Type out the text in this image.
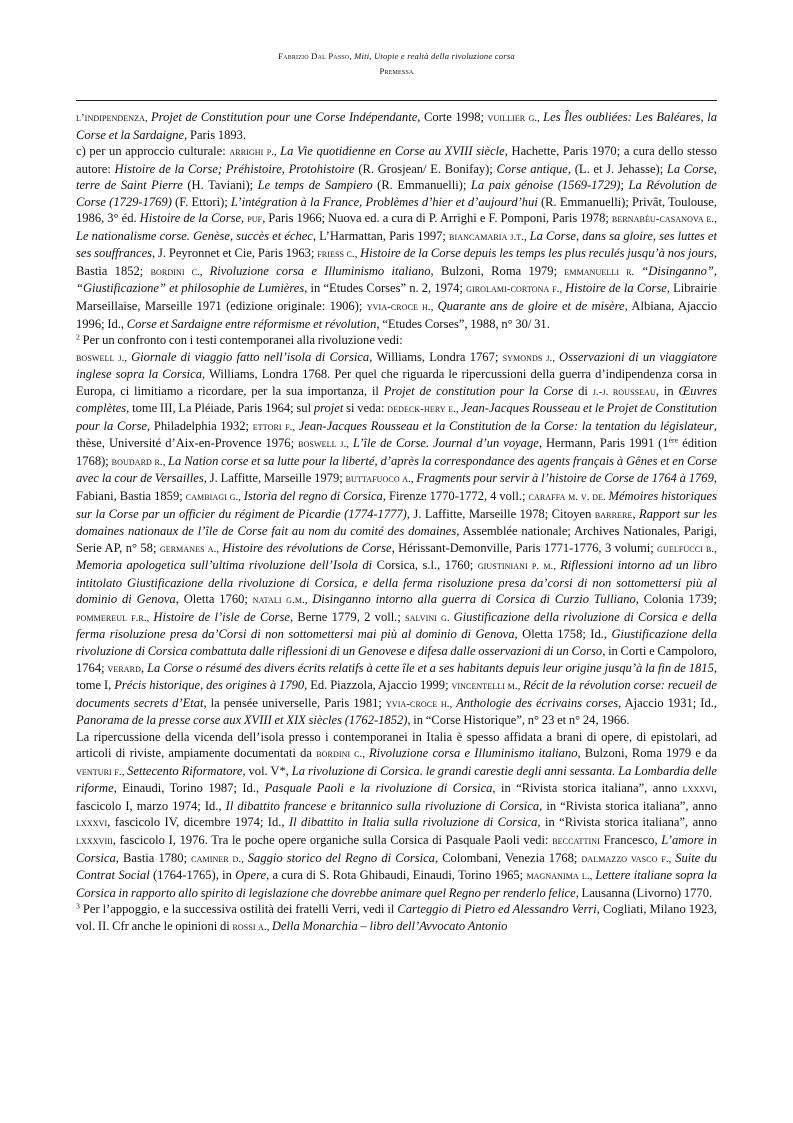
Fabrizio Dal Passo, Miti, Utopie e realtà della rivoluzione corsa
Premessa

l’indipendenza, Projet de Constitution pour une Corse Indépendante, Corte 1998; vuillier g., Les Îles oubliées: Les Baléares, la Corse et la Sardaigne, Paris 1893.
c) per un approccio culturale: arrighi p., La Vie quotidienne en Corse au XVIII siècle, Hachette, Paris 1970; a cura dello stesso autore: Histoire de la Corse; Préhistoire, Protohistoire (R. Grosjean/ E. Bonifay); Corse antique, (L. et J. Jehasse); La Corse, terre de Saint Pierre (H. Taviani); Le temps de Sampiero (R. Emmanuelli); La paix génoise (1569-1729); La Révolution de Corse (1729-1769) (F. Ettori); L’intégration à la France, Problèmes d’hier et d’aujourd’hui (R. Emmanuelli); Privât, Toulouse, 1986, 3° éd. Histoire de la Corse, puf, Paris 1966; Nuova ed. a cura di P. Arrighi e F. Pomponi, Paris 1978; bernabéu-casanova e., Le nationalisme corse. Genèse, succès et échec, L’Harmattan, Paris 1997; biancamaria j.t., La Corse, dans sa gloire, ses luttes et ses souffrances, J. Peyronnet et Cie, Paris 1963; friess c., Histoire de la Corse depuis les temps les plus reculés jusqu’à nos jours, Bastia 1852; bordini c., Rivoluzione corsa e Illuminismo italiano, Bulzoni, Roma 1979; emmanuelli r. “Disinganno”, “Giustificazione” et philosophie de Lumières, in “Etudes Corses” n. 2, 1974; girolami-cortona f., Histoire de la Corse, Librairie Marseillaise, Marseille 1971 (edizione originale: 1906); yvia-croce h., Quarante ans de gloire et de misère, Albiana, Ajaccio 1996; Id., Corse et Sardaigne entre réformisme et révolution, “Etudes Corses”, 1988, n° 30/ 31.

$^2$ Per un confronto con i testi contemporanei alla rivoluzione vedi:
boswell j., Giornale di viaggio fatto nell’isola di Corsica, Williams, Londra 1767; symonds j., Osservazioni di un viaggiatore inglese sopra la Corsica, Williams, Londra 1768. Per quel che riguarda le ripercussioni della guerra d’indipendenza corsa in Europa, ci limitiamo a ricordare, per la sua importanza, il Projet de constitution pour la Corse di j.-j. rousseau, in Œuvres complètes, tome III, La Pléiade, Paris 1964; sul projet si veda: dedeck-hery e., Jean-Jacques Rousseau et le Projet de Constitution pour la Corse, Philadelphia 1932; ettori f., Jean-Jacques Rousseau et la Constitution de la Corse: la tentation du législateur, thèse, Université d’Aix-en-Provence 1976; boswell j., L’île de Corse. Journal d’un voyage, Hermann, Paris 1991 (1ère édition 1768); boudard r., La Nation corse et sa lutte pour la liberté, d’après la correspondance des agents français à Gênes et en Corse avec la cour de Versailles, J. Laffitte, Marseille 1979; buttafuoco a., Fragments pour servir à l’histoire de Corse de 1764 à 1769, Fabiani, Bastia 1859; cambiagi g., Istoria del regno di Corsica, Firenze 1770-1772, 4 voll.; caraffa m. v. de. Mémoires historiques sur la Corse par un officier du régiment de Picardie (1774-1777), J. Laffitte, Marseille 1978; Citoyen barrere, Rapport sur les domaines nationaux de l’île de Corse fait au nom du comité des domaines, Assemblée nationale; Archives Nationales, Parigi, Serie AP, n° 58; germanes a., Histoire des révolutions de Corse, Hérissant-Demonville, Paris 1771-1776, 3 volumi; guelfucci b., Memoria apologetica sull’ultima rivoluzione dell’Isola di Corsica, s.l., 1760; giustiniani p. m., Riflessioni intorno ad un libro intitolato Giustificazione della rivoluzione di Corsica, e della ferma risoluzione presa da’corsi di non sottomettersi più al dominio di Genova, Oletta 1760; natali g.m., Disinganno intorno alla guerra di Corsica di Curzio Tulliano, Colonia 1739; pommereul f.r., Histoire de l’isle de Corse, Berne 1779, 2 voll.; salvini g. Giustificazione della rivoluzione di Corsica e della ferma risoluzione presa da’Corsi di non sottomettersi mai più al dominio di Genova, Oletta 1758; Id., Giustificazione della rivoluzione di Corsica combattuta dalle riflessioni di un Genovese e difesa dalle osservazioni di un Corso, in Corti e Campoloro, 1764; verard, La Corse o résumé des divers écrits relatifs à cette île et a ses habitants depuis leur origine jusqu’à la fin de 1815, tome I, Précis historique, des origines à 1790, Ed. Piazzola, Ajaccio 1999; vincentelli m., Récit de la révolution corse: recueil de documents secrets d’Etat, la pensée universelle, Paris 1981; yvia-croce h., Anthologie des écrivains corses, Ajaccio 1931; Id., Panorama de la presse corse aux XVIII et XIX siècles (1762-1852), in “Corse Historique”, n° 23 et n° 24, 1966.
La ripercussione della vicenda dell’isola presso i contemporanei in Italia è spesso affidata a brani di opere, di epistolari, ad articoli di riviste, ampiamente documentati da bordini c., Rivoluzione corsa e Illuminismo italiano, Bulzoni, Roma 1979 e da venturi f., Settecento Riformatore, vol. V*, La rivoluzione di Corsica. le grandi carestie degli anni sessanta. La Lombardia delle riforme, Einaudi, Torino 1987; Id., Pasquale Paoli e la rivoluzione di Corsica, in “Rivista storica italiana”, anno lxxxvi, fascicolo I, marzo 1974; Id., Il dibattito francese e britannico sulla rivoluzione di Corsica, in “Rivista storica italiana”, anno lxxxvi, fascicolo IV, dicembre 1974; Id., Il dibattito in Italia sulla rivoluzione di Corsica, in “Rivista storica italiana”, anno lxxxviii, fascicolo I, 1976. Tra le poche opere organiche sulla Corsica di Pasquale Paoli vedi: beccattini Francesco, L’amore in Corsica, Bastia 1780; caminer d., Saggio storico del Regno di Corsica, Colombani, Venezia 1768; dalmazzo vasco f., Suite du Contrat Social (1764-1765), in Opere, a cura di S. Rota Ghibaudi, Einaudi, Torino 1965; magnanima l., Lettere italiane sopra la Corsica in rapporto allo spirito di legislazione che dovrebbe animare quel Regno per renderlo felice, Lausanna (Livorno) 1770.

$^3$ Per l’appoggio, e la successiva ostilità dei fratelli Verri, vedi il Carteggio di Pietro ed Alessandro Verri, Cogliati, Milano 1923, vol. II. Cfr anche le opinioni di rossi a., Della Monarchia – libro dell’Avvocato Antonio
